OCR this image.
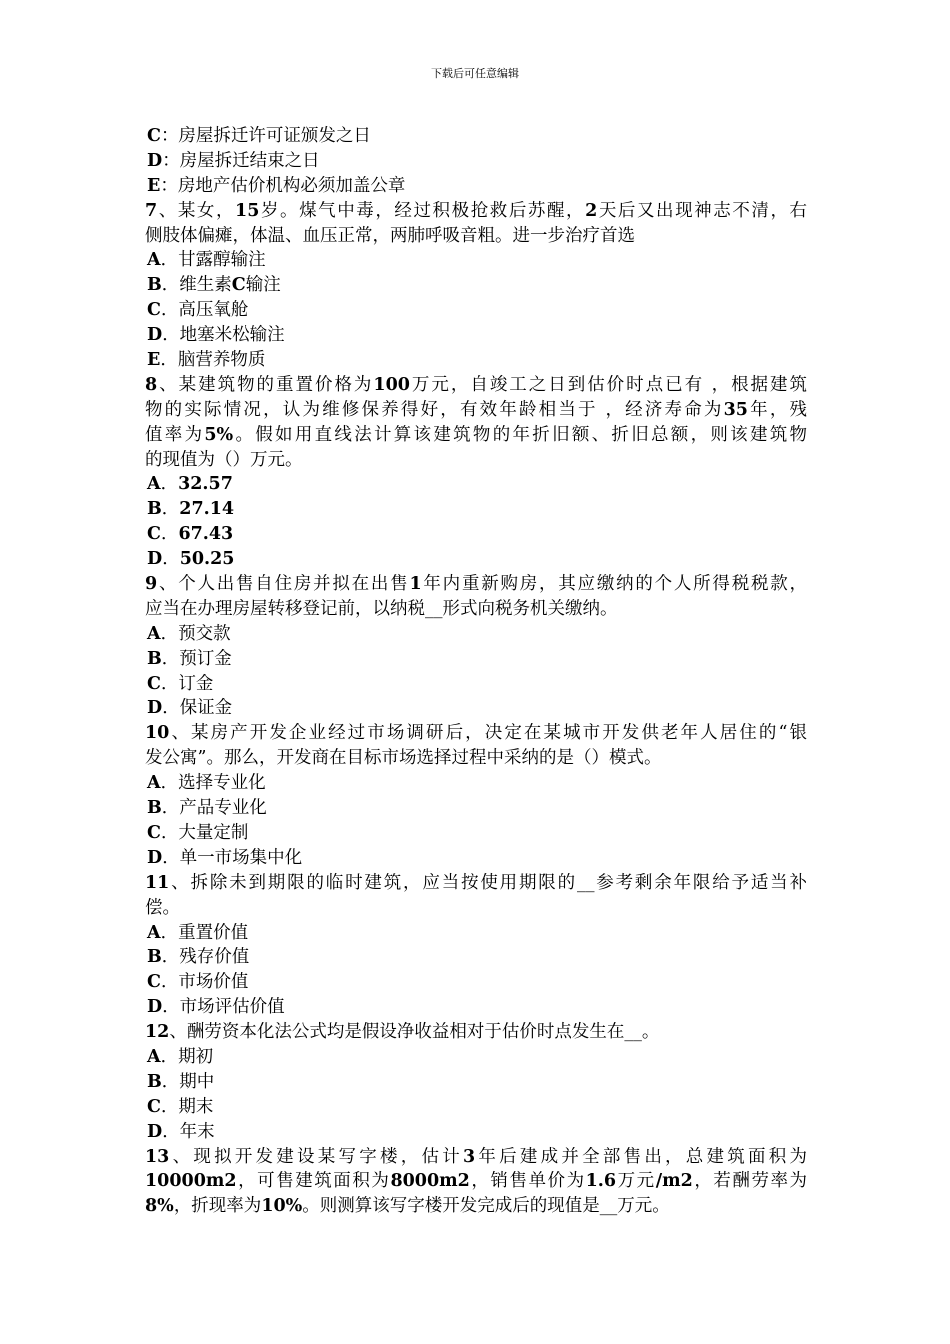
下载后可任意编辑
C：房屋拆迁许可证颁发之日
D：房屋拆迁结束之日
E：房地产估价机构必须加盖公章
7、某女，15岁。煤气中毒，经过积极抢救后苏醒，2天后又出现神志不清，右
侧肢体偏瘫，体温、血压正常，两肺呼吸音粗。进一步治疗首选
A．甘露醇输注
B．维生素C输注
C．高压氧舱
D．地塞米松输注
E．脑营养物质
8、某建筑物的重置价格为100万元，自竣工之日到估价时点已有 ，根据建筑
物的实际情况，认为维修保养得好，有效年龄相当于 ，经济寿命为35年，残
值率为5%。假如用直线法计算该建筑物的年折旧额、折旧总额，则该建筑物
的现值为（）万元。
A．32.57
B．27.14
C．67.43
D．50.25
9、个人出售自住房并拟在出售1年内重新购房，其应缴纳的个人所得税税款，
应当在办理房屋转移登记前，以纳税__形式向税务机关缴纳。
A．预交款
B．预订金
C．订金
D．保证金
10、某房产开发企业经过市场调研后，决定在某城市开发供老年人居住的“银
发公寓”。那么，开发商在目标市场选择过程中采纳的是（）模式。
A．选择专业化
B．产品专业化
C．大量定制
D．单一市场集中化
11、拆除未到期限的临时建筑，应当按使用期限的__参考剩余年限给予适当补
偿。
A．重置价值
B．残存价值
C．市场价值
D．市场评估价值
12、酬劳资本化法公式均是假设净收益相对于估价时点发生在__。
A．期初
B．期中
C．期末
D．年末
13、现拟开发建设某写字楼，估计3年后建成并全部售出，总建筑面积为
10000m2，可售建筑面积为8000m2，销售单价为1.6万元/m2，若酬劳率为
8%，折现率为10%。则测算该写字楼开发完成后的现值是__万元。
